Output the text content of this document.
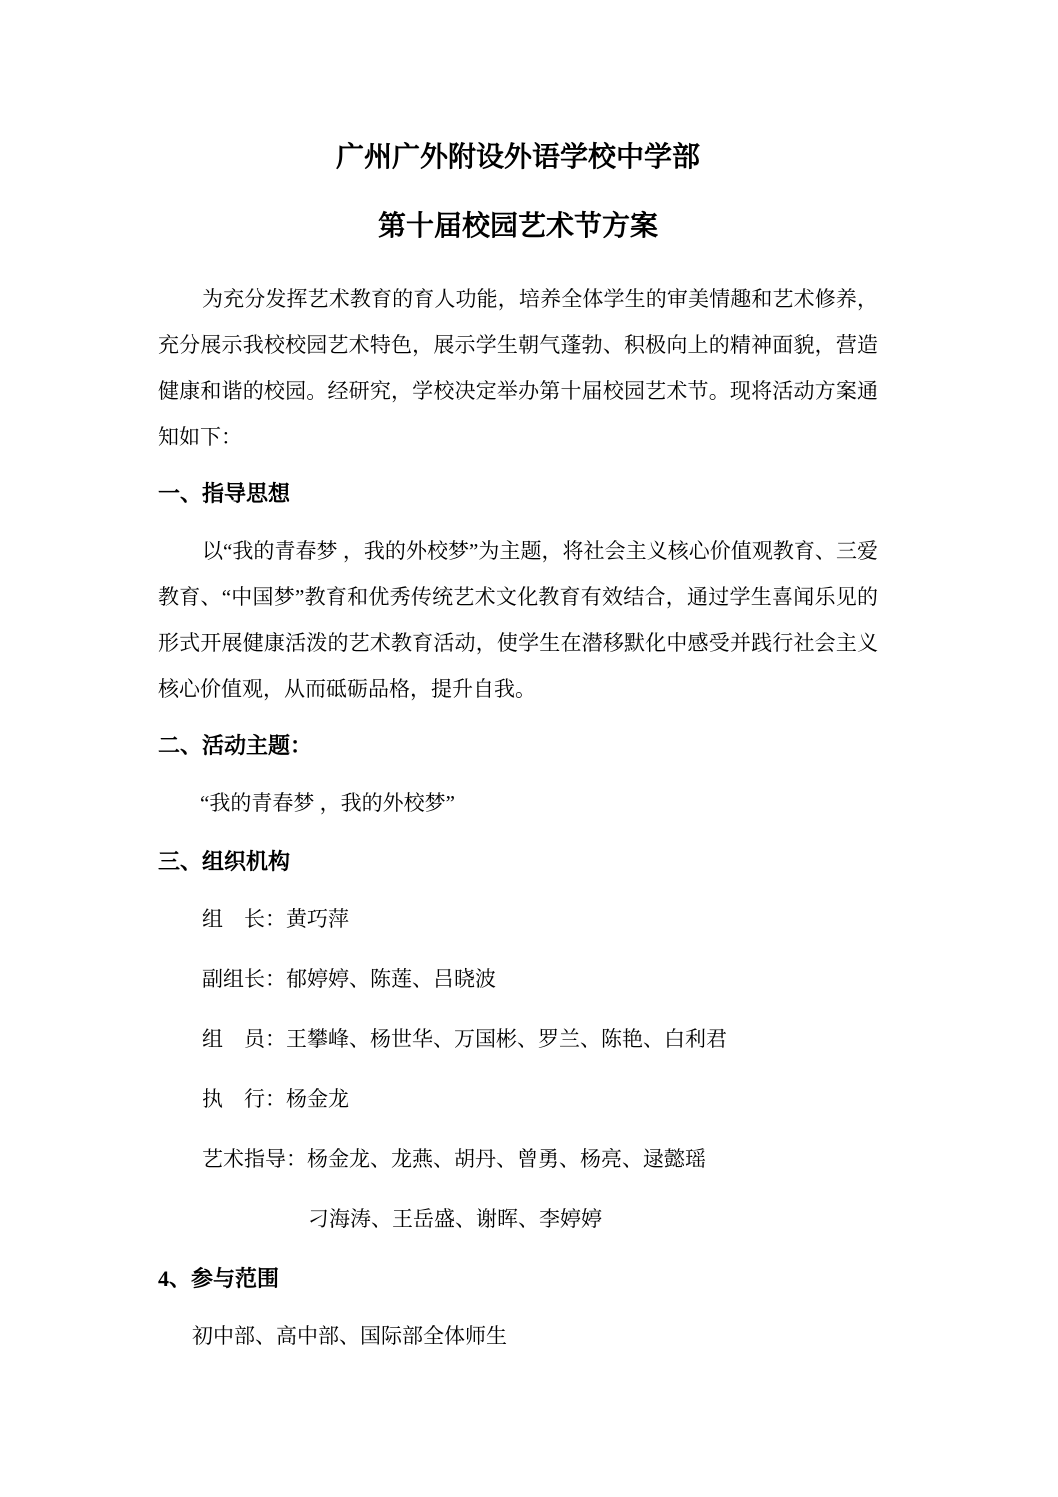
广州广外附设外语学校中学部
第十届校园艺术节方案

为充分发挥艺术教育的育人功能，培养全体学生的审美情趣和艺术修养，充分展示我校校园艺术特色，展示学生朝气蓬勃、积极向上的精神面貌，营造健康和谐的校园。经研究，学校决定举办第十届校园艺术节。现将活动方案通知如下：

一、指导思想

以“我的青春梦 ，我的外校梦”为主题，将社会主义核心价值观教育、三爱教育、“中国梦”教育和优秀传统艺术文化教育有效结合，通过学生喜闻乐见的形式开展健康活泼的艺术教育活动，使学生在潜移默化中感受并践行社会主义核心价值观，从而砥砺品格，提升自我。

二、活动主题：

“我的青春梦 ，我的外校梦”

三、组织机构
组　长：黄巧萍
副组长：郁婷婷、陈莲、吕晓波
组　员：王攀峰、杨世华、万国彬、罗兰、陈艳、白利君
执　行：杨金龙
艺术指导：杨金龙、龙燕、胡丹、曾勇、杨亮、逯懿瑶
刁海涛、王岳盛、谢晖、李婷婷
4、参与范围

初中部、高中部、国际部全体师生
